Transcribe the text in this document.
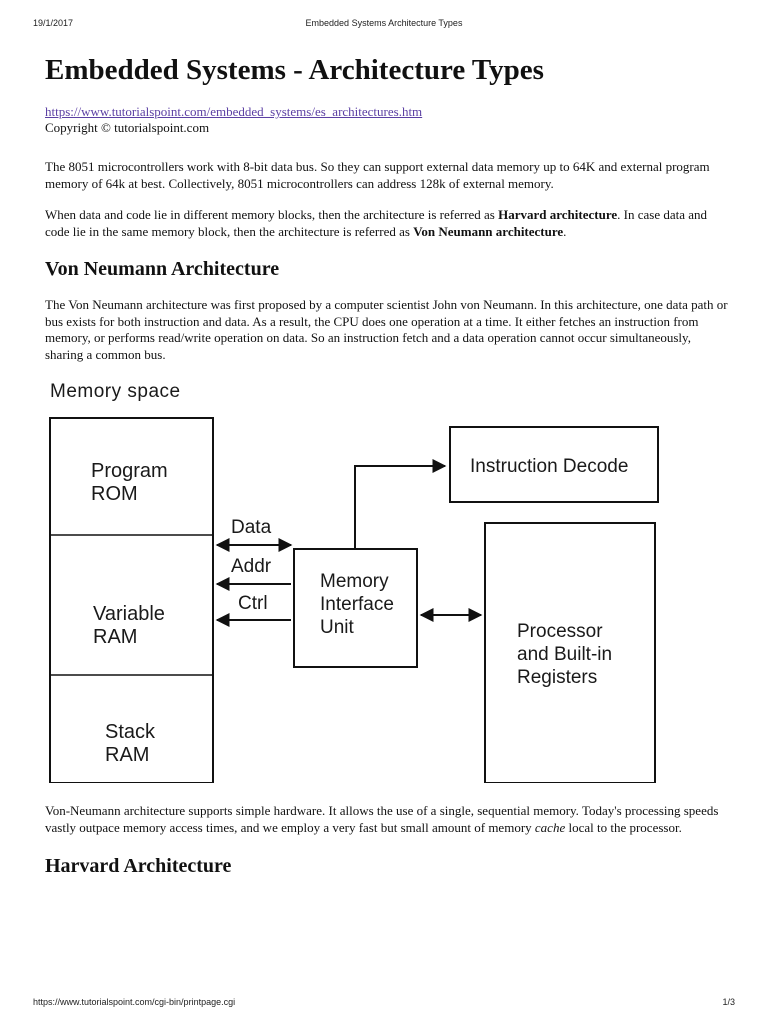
19/1/2017	Embedded Systems Architecture Types
Embedded Systems - Architecture Types
https://www.tutorialspoint.com/embedded_systems/es_architectures.htm
Copyright © tutorialspoint.com

The 8051 microcontrollers work with 8-bit data bus. So they can support external data memory up to 64K and external program memory of 64k at best. Collectively, 8051 microcontrollers can address 128k of external memory.

When data and code lie in different memory blocks, then the architecture is referred as Harvard architecture. In case data and code lie in the same memory block, then the architecture is referred as Von Neumann architecture.

Von Neumann Architecture

The Von Neumann architecture was first proposed by a computer scientist John von Neumann. In this architecture, one data path or bus exists for both instruction and data. As a result, the CPU does one operation at a time. It either fetches an instruction from memory, or performs read/write operation on data. So an instruction fetch and a data operation cannot occur simultaneously, sharing a common bus.

Memory space
Program
ROM
Variable
RAM
Stack
RAM
Data
Addr
Ctrl
Memory
Interface
Unit
Instruction Decode
Processor
and Built-in
Registers

Von-Neumann architecture supports simple hardware. It allows the use of a single, sequential memory. Today's processing speeds vastly outpace memory access times, and we employ a very fast but small amount of memory cache local to the processor.

Harvard Architecture
https://www.tutorialspoint.com/cgi-bin/printpage.cgi	1/3
